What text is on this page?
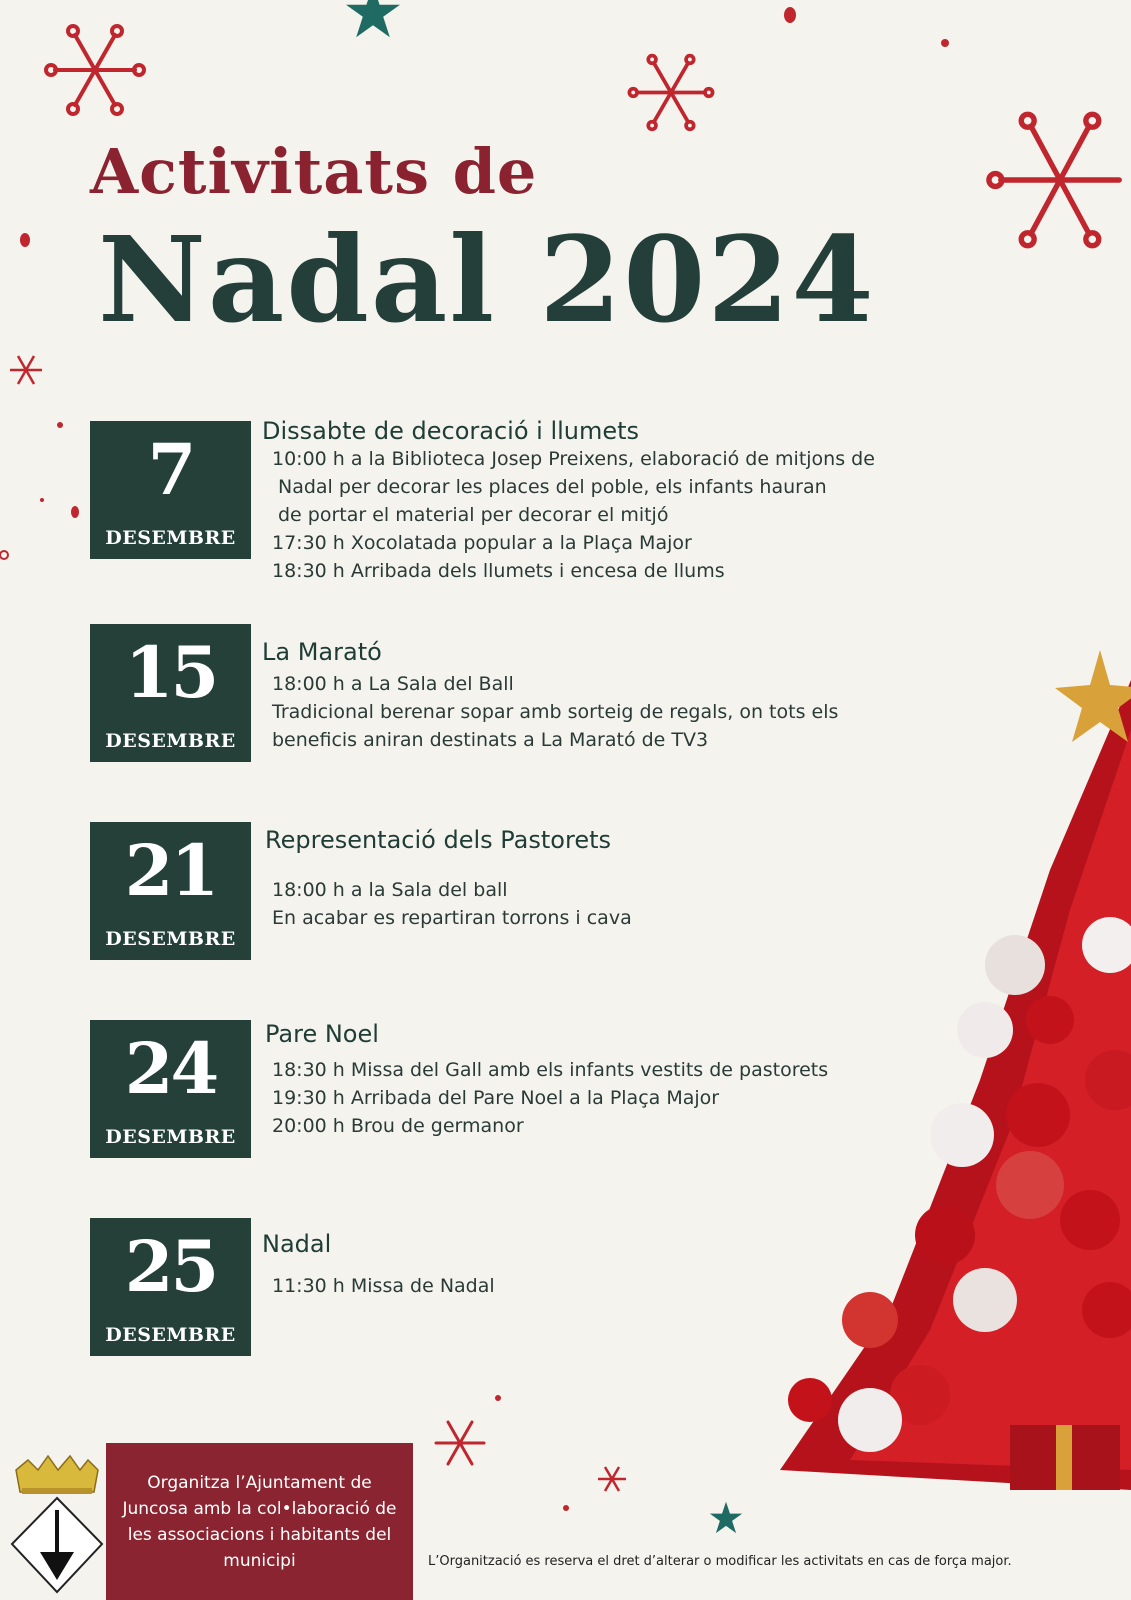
Activitats de
Nadal 2024
7
DESEMBRE
Dissabte de decoració i llumets
10:00 h a la Biblioteca Josep Preixens, elaboració de mitjons de
Nadal per decorar les places del poble, els infants hauran
de portar el material per decorar el mitjó
17:30 h Xocolatada popular a la Plaça Major
18:30 h Arribada dels llumets i encesa de llums
15
DESEMBRE
La Marató
18:00 h a La Sala del Ball
Tradicional berenar sopar amb sorteig de regals, on tots els
beneficis aniran destinats a La Marató de TV3
21
DESEMBRE
Representació dels Pastorets
18:00 h a la Sala del ball
En acabar es repartiran torrons i cava
24
DESEMBRE
Pare Noel
18:30 h Missa del Gall amb els infants vestits de pastorets
19:30 h Arribada del Pare Noel a la Plaça Major
20:00 h Brou de germanor
25
DESEMBRE
Nadal
11:30 h Missa de Nadal
Organitza l’Ajuntament de Juncosa amb la col•laboració de les associacions i habitants del municipi	L’Organització es reserva el dret d’alterar o modificar les activitats en cas de força major.
